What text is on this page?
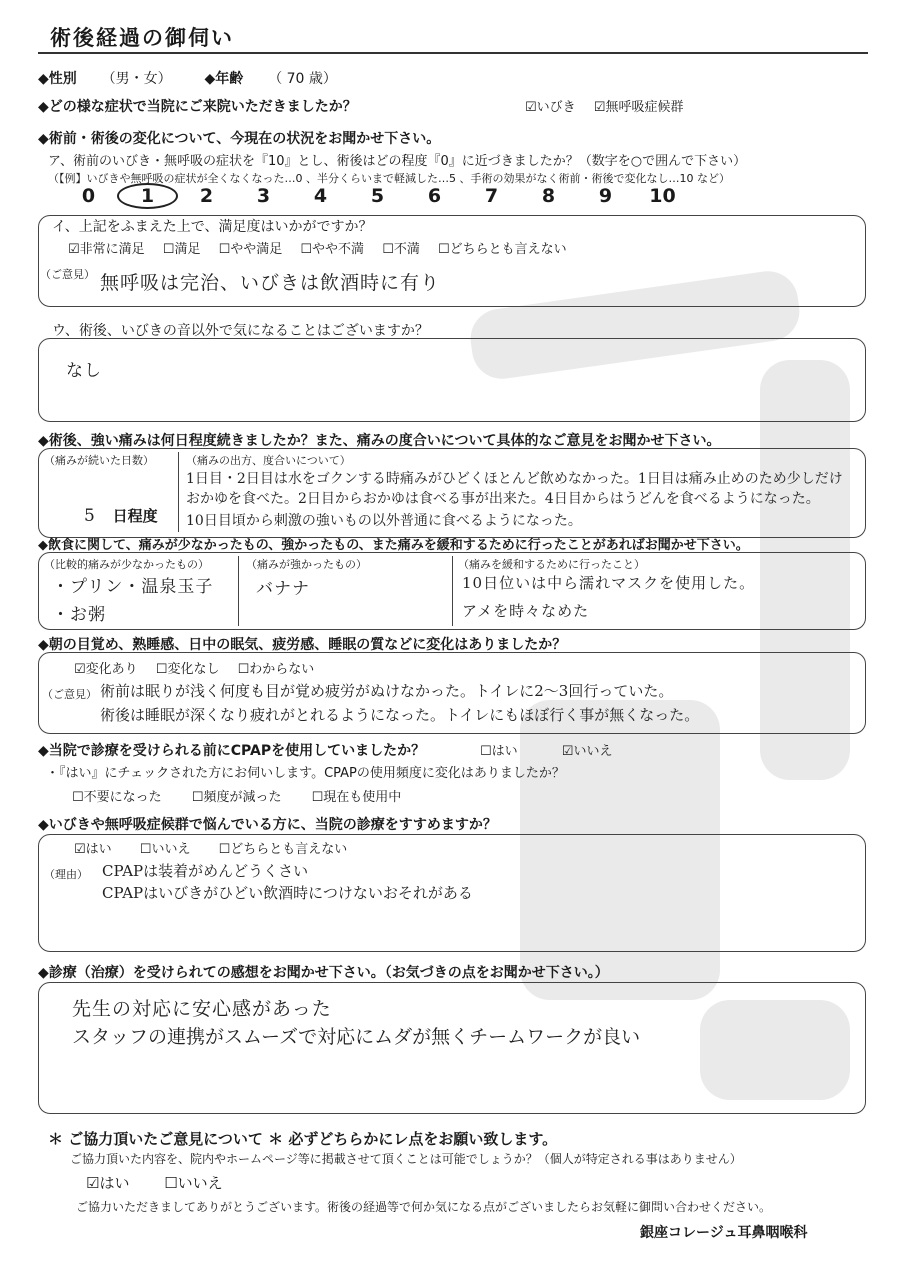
術後経過の御伺い
◆性別 （男・女） ◆年齢 （ 70 歳）
◆どの様な症状で当院にご来院いただきましたか？	☑いびき ☑無呼吸症候群
◆術前・術後の変化について、今現在の状況をお聞かせ下さい。
ア、術前のいびき・無呼吸の症状を『10』とし、術後はどの程度『0』に近づきましたか？（数字を○で囲んで下さい）
（【例】いびきや無呼吸の症状が全くなくなった…0 、半分くらいまで軽減した…5 、手術の効果がなく術前・術後で変化なし…10 など）
0 1 2 3 4 5 6 7 8 9 10
イ、上記をふまえた上で、満足度はいかがですか？
☑非常に満足 ☐満足 ☐やや満足 ☐やや不満 ☐不満 ☐どちらとも言えない
（ご意見） 無呼吸は完治、いびきは飲酒時に有り
ウ、術後、いびきの音以外で気になることはございますか？
なし
◆術後、強い痛みは何日程度続きましたか？また、痛みの度合いについて具体的なご意見をお聞かせ下さい。
（痛みが続いた日数）
5 日程度
（痛みの出方、度合いについて）
1日目・2日目は水をゴクンする時痛みがひどくほとんど飲めなかった。1日目は痛み止めのため少しだけ
おかゆを食べた。2日目からおかゆは食べる事が出来た。4日目からはうどんを食べるようになった。
10日目頃から刺激の強いもの以外普通に食べるようになった。
◆飲食に関して、痛みが少なかったもの、強かったもの、また痛みを緩和するために行ったことがあればお聞かせ下さい。
（比較的痛みが少なかったもの）
・プリン・温泉玉子
・お粥
（痛みが強かったもの）
バナナ
（痛みを緩和するために行ったこと）
10日位いは中ら濡れマスクを使用した。
アメを時々なめた
◆朝の目覚め、熟睡感、日中の眠気、疲労感、睡眠の質などに変化はありましたか？
☑変化あり ☐変化なし ☐わからない
（ご意見） 術前は眠りが浅く何度も目が覚め疲労がぬけなかった。トイレに2〜3回行っていた。
術後は睡眠が深くなり疲れがとれるようになった。トイレにもほぼ行く事が無くなった。
◆当院で診療を受けられる前にCPAPを使用していましたか？	☐はい	☑いいえ
・『はい』にチェックされた方にお伺いします。CPAPの使用頻度に変化はありましたか？
☐不要になった ☐頻度が減った ☐現在も使用中
◆いびきや無呼吸症候群で悩んでいる方に、当院の診療をすすめますか？
☑はい ☐いいえ ☐どちらとも言えない
（理由） CPAPは装着がめんどうくさい
CPAPはいびきがひどい飲酒時につけないおそれがある
◆診療（治療）を受けられての感想をお聞かせ下さい。（お気づきの点をお聞かせ下さい。）
先生の対応に安心感があった
スタッフの連携がスムーズで対応にムダが無くチームワークが良い
＊ ご協力頂いたご意見について ＊ 必ずどちらかにレ点をお願い致します。
ご協力頂いた内容を、院内やホームページ等に掲載させて頂くことは可能でしょうか？（個人が特定される事はありません）
☑はい ☐いいえ
ご協力いただきましてありがとうございます。術後の経過等で何か気になる点がございましたらお気軽に御問い合わせください。
銀座コレージュ耳鼻咽喉科
